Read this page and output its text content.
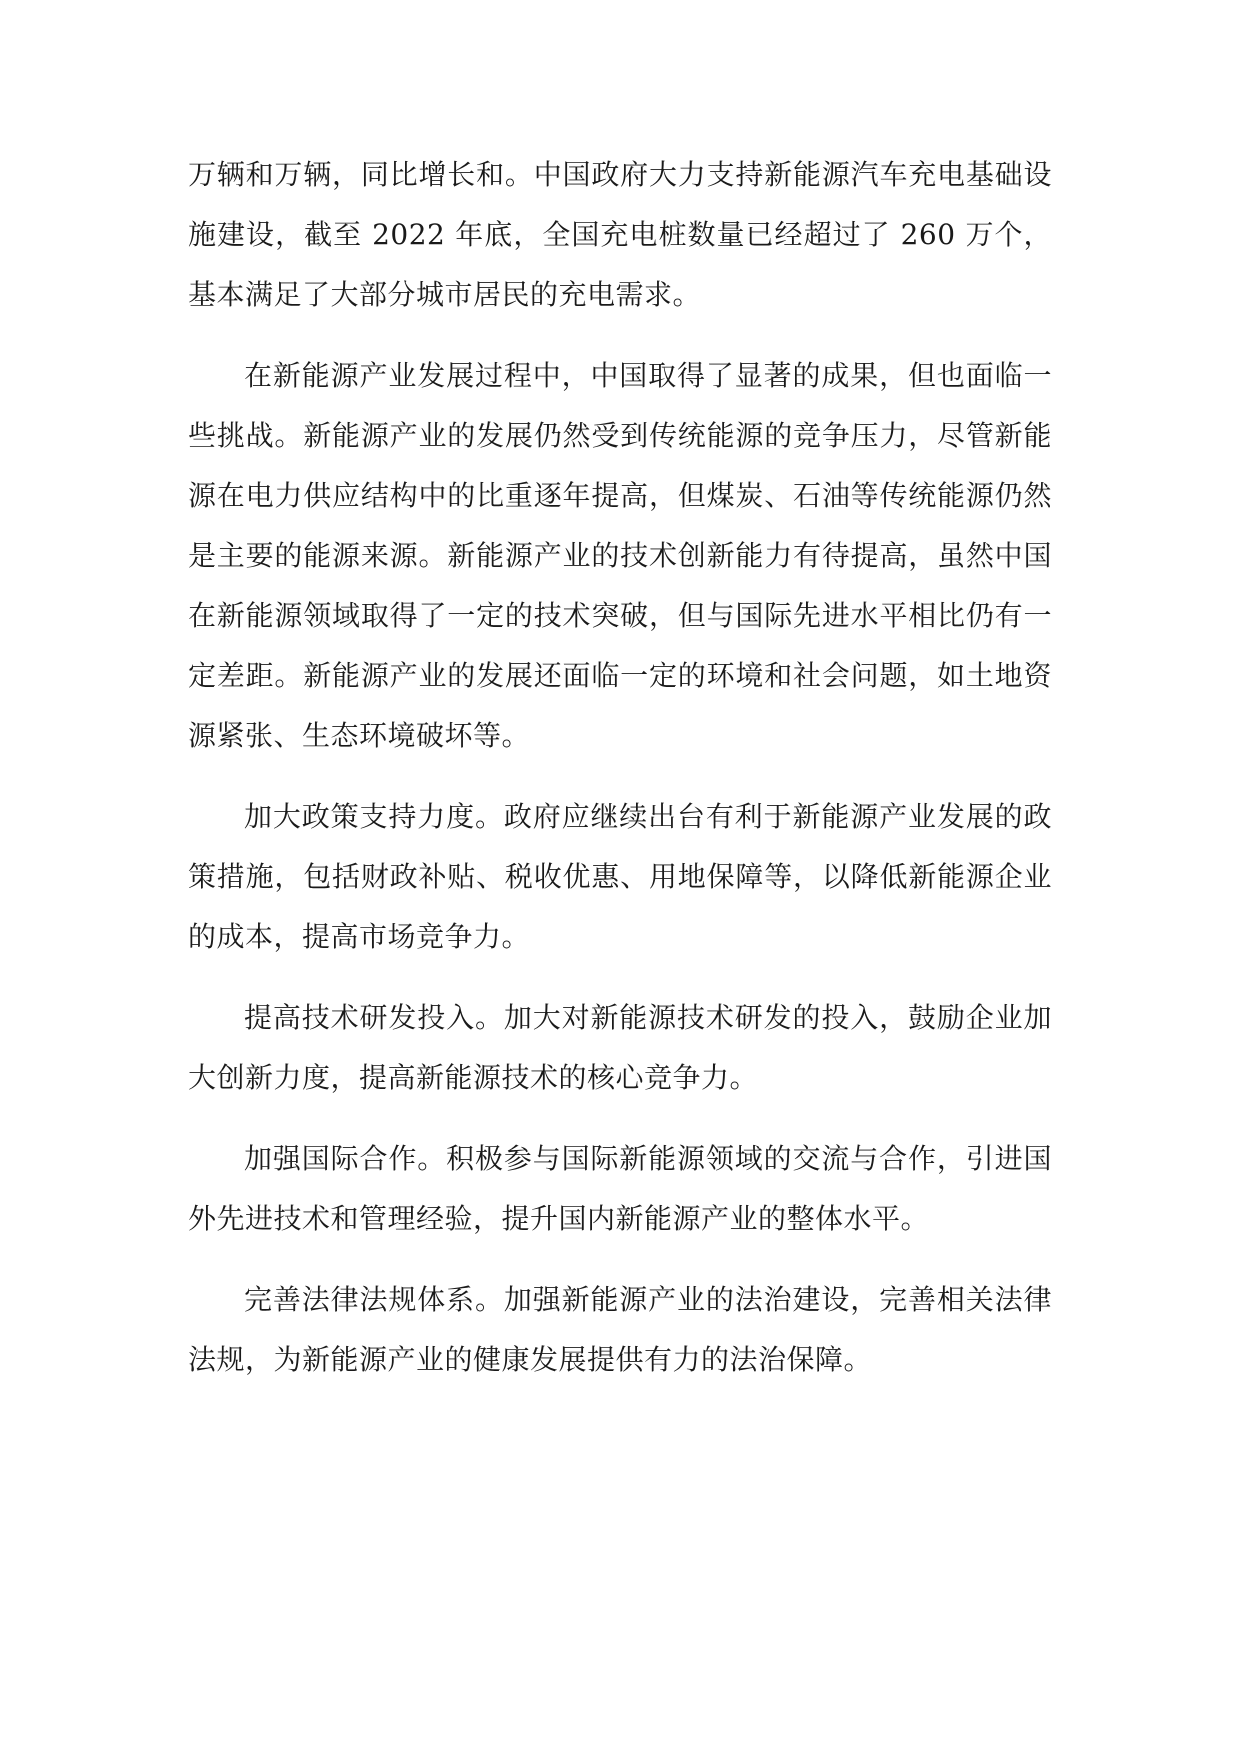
万辆和万辆，同比增长和。中国政府大力支持新能源汽车充电基础设施建设，截至 2022 年底，全国充电桩数量已经超过了 260 万个，基本满足了大部分城市居民的充电需求。

在新能源产业发展过程中，中国取得了显著的成果，但也面临一些挑战。新能源产业的发展仍然受到传统能源的竞争压力，尽管新能源在电力供应结构中的比重逐年提高，但煤炭、石油等传统能源仍然是主要的能源来源。新能源产业的技术创新能力有待提高，虽然中国在新能源领域取得了一定的技术突破，但与国际先进水平相比仍有一定差距。新能源产业的发展还面临一定的环境和社会问题，如土地资源紧张、生态环境破坏等。

加大政策支持力度。政府应继续出台有利于新能源产业发展的政策措施，包括财政补贴、税收优惠、用地保障等，以降低新能源企业的成本，提高市场竞争力。

提高技术研发投入。加大对新能源技术研发的投入，鼓励企业加大创新力度，提高新能源技术的核心竞争力。

加强国际合作。积极参与国际新能源领域的交流与合作，引进国外先进技术和管理经验，提升国内新能源产业的整体水平。

完善法律法规体系。加强新能源产业的法治建设，完善相关法律法规，为新能源产业的健康发展提供有力的法治保障。
